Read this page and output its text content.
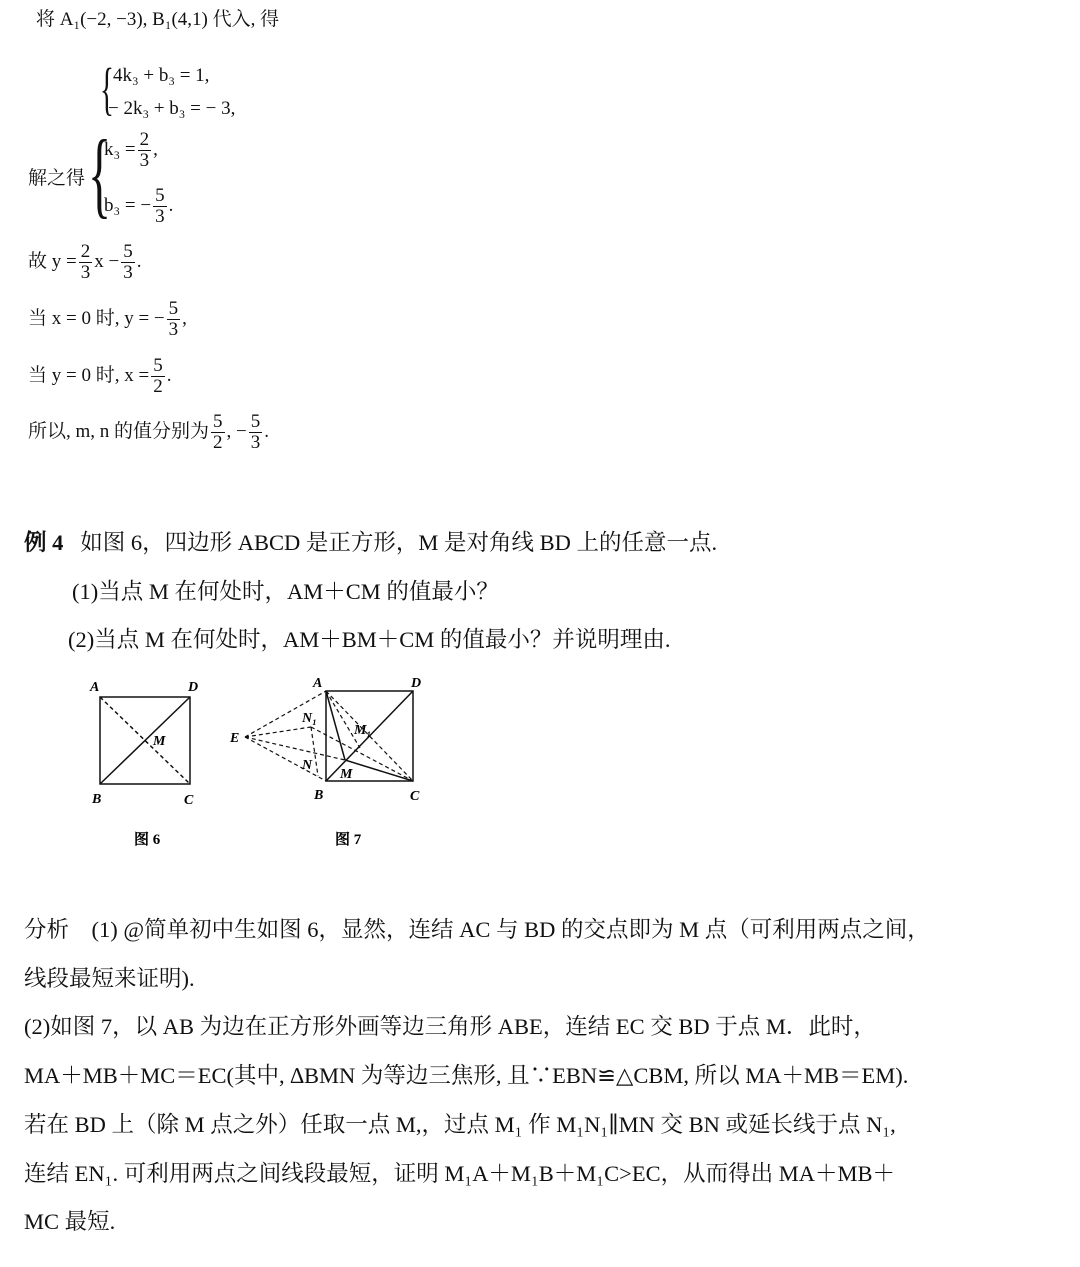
将 A₁(−2, −3), B₁(4,1) 代入, 得
{ 4k₃ + b₃ = 1,
− 2k₃ + b₃ = − 3,
解之得 {
$k_3 = \frac{2}{3}$ ,
b₃ = − $\frac{5}{3}$ .
故 $y = \frac{2}{3}$ $x - \frac{5}{3}$ .
当 x = 0 时, y = − $\frac{5}{3}$ ,
当 y = 0 时, $x = \frac{5}{2}$ .
所以, m, n 的值分别为 $\frac{5}{2}$ , − $\frac{5}{3}$ .
例 4 如图 6，四边形 ABCD 是正方形，M 是对角线 BD 上的任意一点.
(1)当点 M 在何处时，AM＋CM 的值最小？
(2)当点 M 在何处时，AM＋BM＋CM 的值最小？并说明理由.
A	D
B	C
M
图 6
E
A	D
B	C
N₁
N
M₁
M
图 7
分析　(1) @简单初中生如图 6，显然，连结 AC 与 BD 的交点即为 M 点（可利用两点之间，
线段最短来证明).
(2)如图 7，以 AB 为边在正方形外画等边三角形 ABE，连结 EC 交 BD 于点 M．此时，
MA＋MB＋MC＝EC(其中, ∆BMN 为等边三焦形, 且∵EBN≌△CBM, 所以 MA＋MB＝EM).
若在 BD 上（除 M 点之外）任取一点 M,，过点 M₁ 作 M₁N₁∥MN 交 BN 或延长线于点 N₁,
连结 EN₁. 可利用两点之间线段最短，证明 M₁A＋M₁B＋M₁C>EC，从而得出 MA＋MB＋
MC 最短.
